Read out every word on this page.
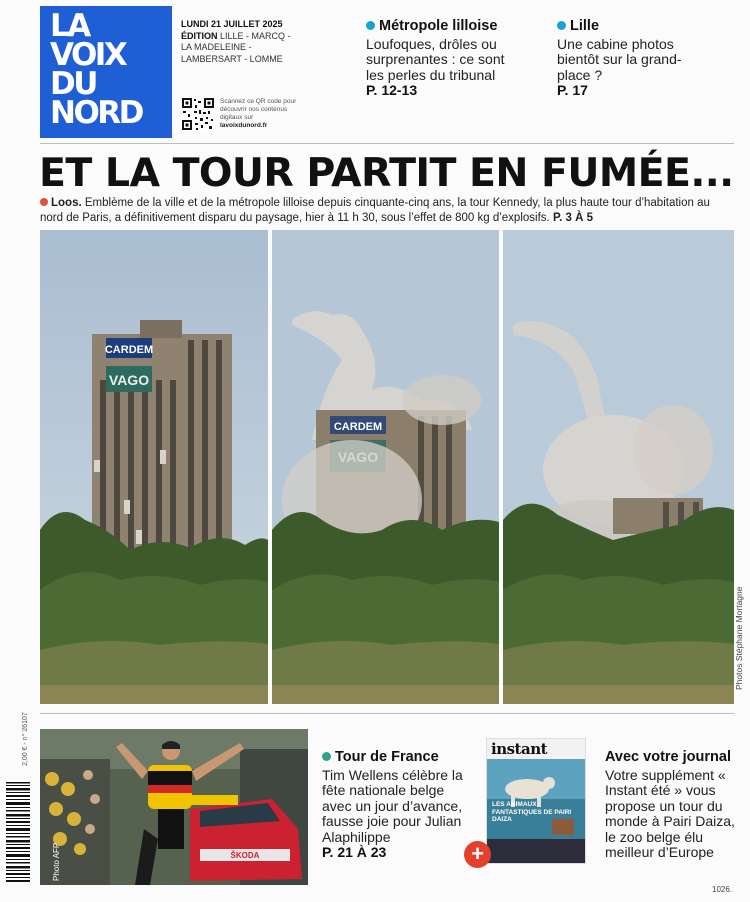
LA
VOIX
DU
NORD
LUNDI 21 JUILLET 2025
ÉDITION LILLE - MARCQ - LA MADELEINE - LAMBERSART - LOMME
Scannez ce QR code pour découvrir nos contenus digitaux sur lavoixdunord.fr
Métropole lilloise
Loufoques, drôles ou surprenantes : ce sont les perles du tribunal
P. 12-13
Lille
Une cabine photos bientôt sur la grand-place ?
P. 17
ET LA TOUR PARTIT EN FUMÉE...
Loos. Emblème de la ville et de la métropole lilloise depuis cinquante-cinq ans, la tour Kennedy, la plus haute tour d’habitation au nord de Paris, a définitivement disparu du paysage, hier à 11 h 30, sous l’effet de 800 kg d’explosifs. P. 3 À 5
CARDEM
VAGO
CARDEM
Photos Stéphane Mortagne
2,00 € - n° 26107
ŠKODA
Photo AFP
Tour de France
Tim Wellens célèbre la fête nationale belge avec un jour d’avance, fausse joie pour Julian Alaphilippe
P. 21 À 23
instant
LES ANIMAUX FANTASTIQUES DE PAIRI DAIZA
+
Avec votre journal
Votre supplément « Instant été » vous propose un tour du monde à Pairi Daiza, le zoo belge élu meilleur d’Europe
1026.
